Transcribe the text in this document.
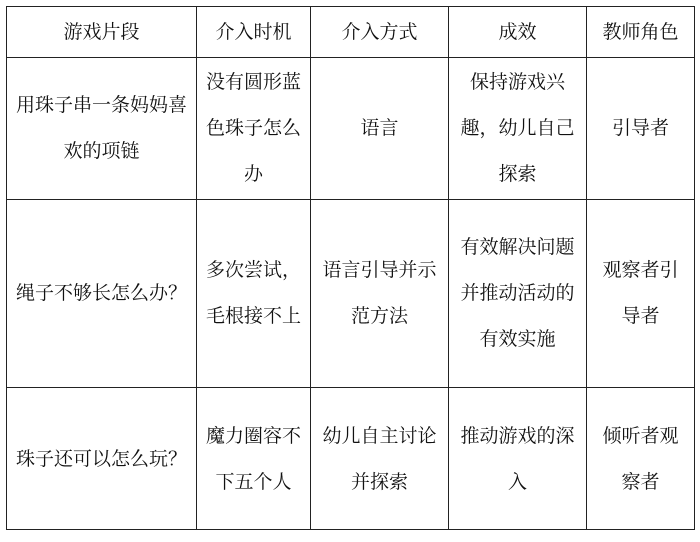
游戏片段	介入时机	介入方式	成效	教师角色
用珠子串一条妈妈喜欢的项链	没有圆形蓝色珠子怎么办	语言	保持游戏兴趣，幼儿自己探索	引导者
绳子不够长怎么办？	多次尝试，毛根接不上	语言引导并示范方法	有效解决问题并推动活动的有效实施	观察者引导者
珠子还可以怎么玩？	魔力圈容不下五个人	幼儿自主讨论并探索	推动游戏的深入	倾听者观察者
